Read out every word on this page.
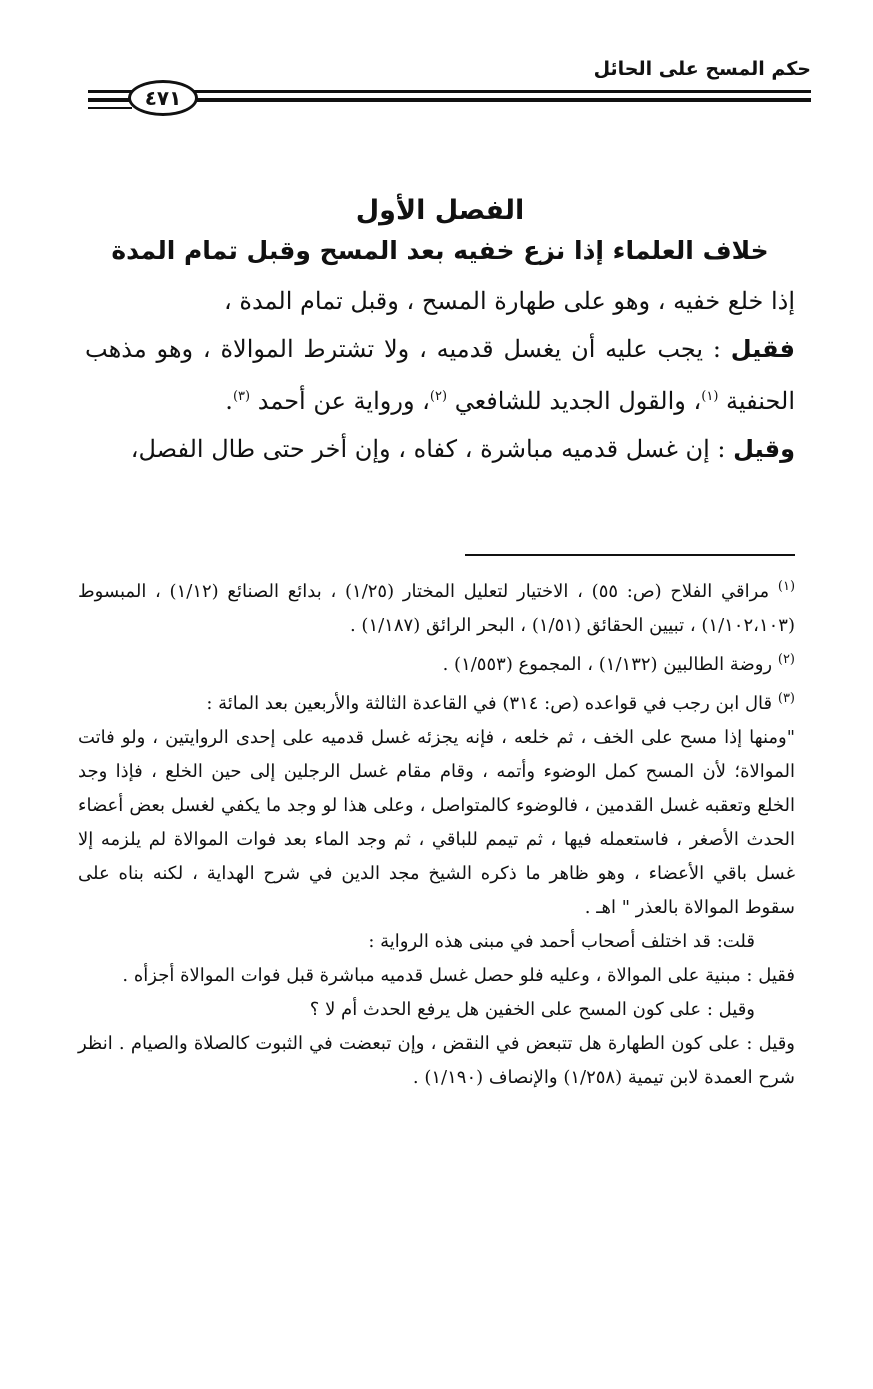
حكم المسح على الحائل
٤٧١
الفصل الأول
خلاف العلماء إذا نزع خفيه بعد المسح وقبل تمام المدة

إذا خلع خفيه ، وهو على طهارة المسح ، وقبل تمام المدة ،

فقيل : يجب عليه أن يغسل قدميه ، ولا تشترط الموالاة ، وهو مذهب الحنفية $^{(١)}$، والقول الجديد للشافعي $^{(٢)}$، ورواية عن أحمد $^{(٣)}$.

وقيل : إن غسل قدميه مباشرة ، كفاه ، وإن أخر حتى طال الفصل،

$^{(١)}$ مراقي الفلاح (ص: ٥٥) ، الاختيار لتعليل المختار (١/٢٥) ، بدائع الصنائع (١/١٢) ، المبسوط (١/١٠٢،١٠٣) ، تبيين الحقائق (١/٥١) ، البحر الرائق (١/١٨٧) .

$^{(٢)}$ روضة الطالبين (١/١٣٢) ، المجموع (١/٥٥٣) .

$^{(٣)}$ قال ابن رجب في قواعده (ص: ٣١٤) في القاعدة الثالثة والأربعين بعد المائة :

"ومنها إذا مسح على الخف ، ثم خلعه ، فإنه يجزئه غسل قدميه على إحدى الروايتين ، ولو فاتت الموالاة؛ لأن المسح كمل الوضوء وأتمه ، وقام مقام غسل الرجلين إلى حين الخلع ، فإذا وجد الخلع وتعقبه غسل القدمين ، فالوضوء كالمتواصل ، وعلى هذا لو وجد ما يكفي لغسل بعض أعضاء الحدث الأصغر ، فاستعمله فيها ، ثم تيمم للباقي ، ثم وجد الماء بعد فوات الموالاة لم يلزمه إلا غسل باقي الأعضاء ، وهو ظاهر ما ذكره الشيخ مجد الدين في شرح الهداية ، لكنه بناه على سقوط الموالاة بالعذر " اهـ .

قلت: قد اختلف أصحاب أحمد في مبنى هذه الرواية :

فقيل : مبنية على الموالاة ، وعليه فلو حصل غسل قدميه مباشرة قبل فوات الموالاة أجزأه .

وقيل : على كون المسح على الخفين هل يرفع الحدث أم لا ؟

وقيل : على كون الطهارة هل تتبعض في النقض ، وإن تبعضت في الثبوت كالصلاة والصيام . انظر شرح العمدة لابن تيمية (١/٢٥٨) والإنصاف (١/١٩٠) .
